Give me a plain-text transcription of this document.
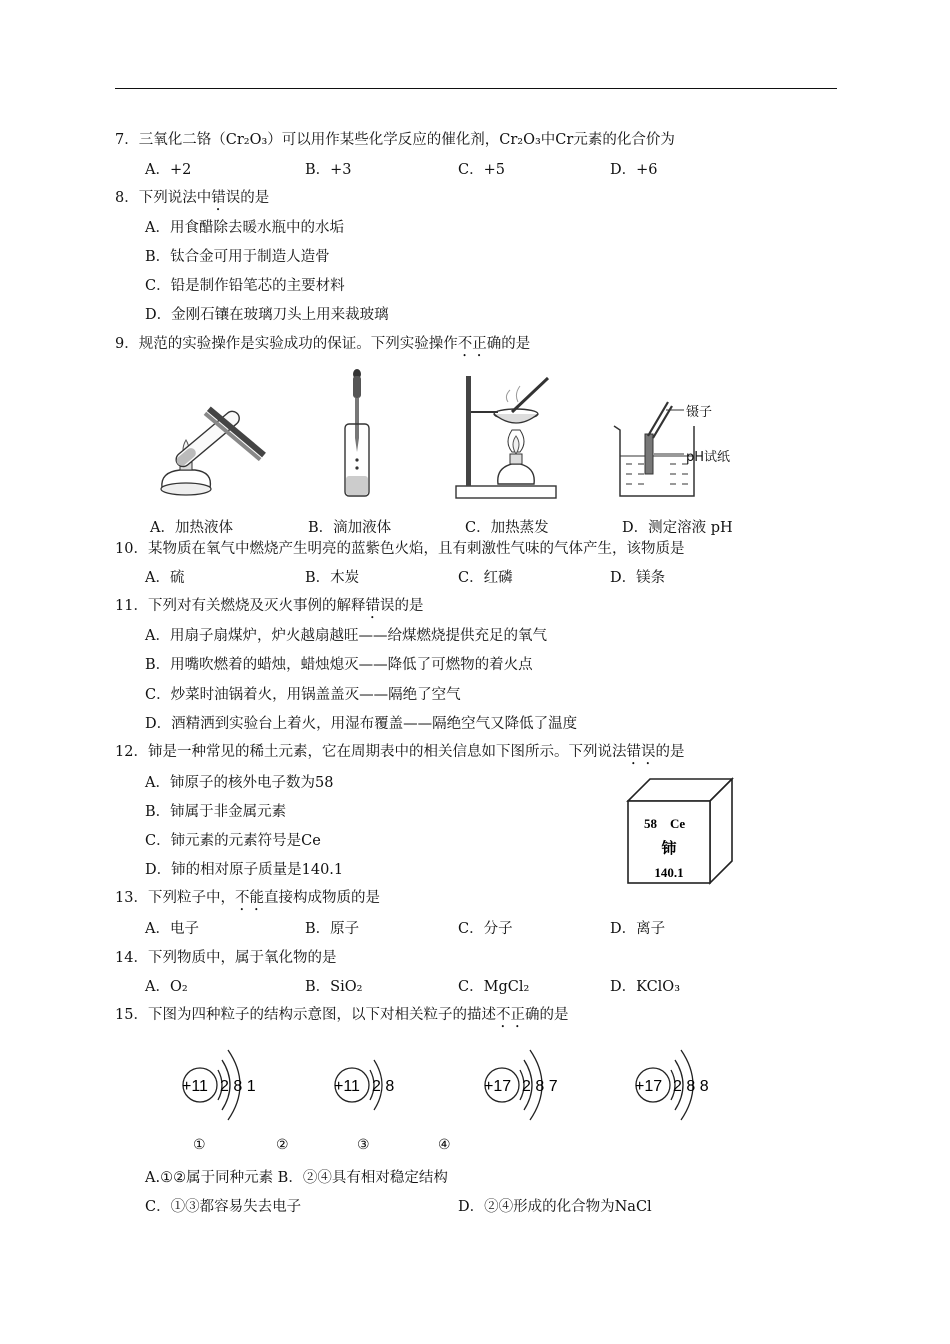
7．三氧化二铬（Cr₂O₃）可以用作某些化学反应的催化剂，Cr₂O₃中Cr元素的化合价为
A．+2	B．+3	C．+5	D．+6
8．下列说法中错误的是
A．用食醋除去暖水瓶中的水垢
B．钛合金可用于制造人造骨
C．铅是制作铅笔芯的主要材料
D．金刚石镶在玻璃刀头上用来裁玻璃
9．规范的实验操作是实验成功的保证。下列实验操作不正确的是
镊子
pH试纸
A．加热液体	B．滴加液体	C．加热蒸发	D．测定溶液 pH
10．某物质在氧气中燃烧产生明亮的蓝紫色火焰，且有刺激性气味的气体产生，该物质是
A．硫	B．木炭	C．红磷	D．镁条
11．下列对有关燃烧及灭火事例的解释错误的是
A．用扇子扇煤炉，炉火越扇越旺——给煤燃烧提供充足的氧气
B．用嘴吹燃着的蜡烛，蜡烛熄灭——降低了可燃物的着火点
C．炒菜时油锅着火，用锅盖盖灭——隔绝了空气
D．酒精洒到实验台上着火，用湿布覆盖——隔绝空气又降低了温度
12．铈是一种常见的稀土元素，它在周期表中的相关信息如下图所示。下列说法错误的是
A．铈原子的核外电子数为58
B．铈属于非金属元素
C．铈元素的元素符号是Ce
D．铈的相对原子质量是140.1
58 Ce
铈
140.1
13．下列粒子中，不能直接构成物质的是
A．电子	B．原子	C．分子	D．离子
14．下列物质中，属于氧化物的是
A．O₂	B．SiO₂	C．MgCl₂	D．KClO₃
15．下图为四种粒子的结构示意图，以下对相关粒子的描述不正确的是
+11 2 8 1	+11 2 8	+17 2 8 7	+17 2 8 8
①	②	③	④
A.①②属于同种元素 B．②④具有相对稳定结构
C．①③都容易失去电子	D．②④形成的化合物为NaCl
